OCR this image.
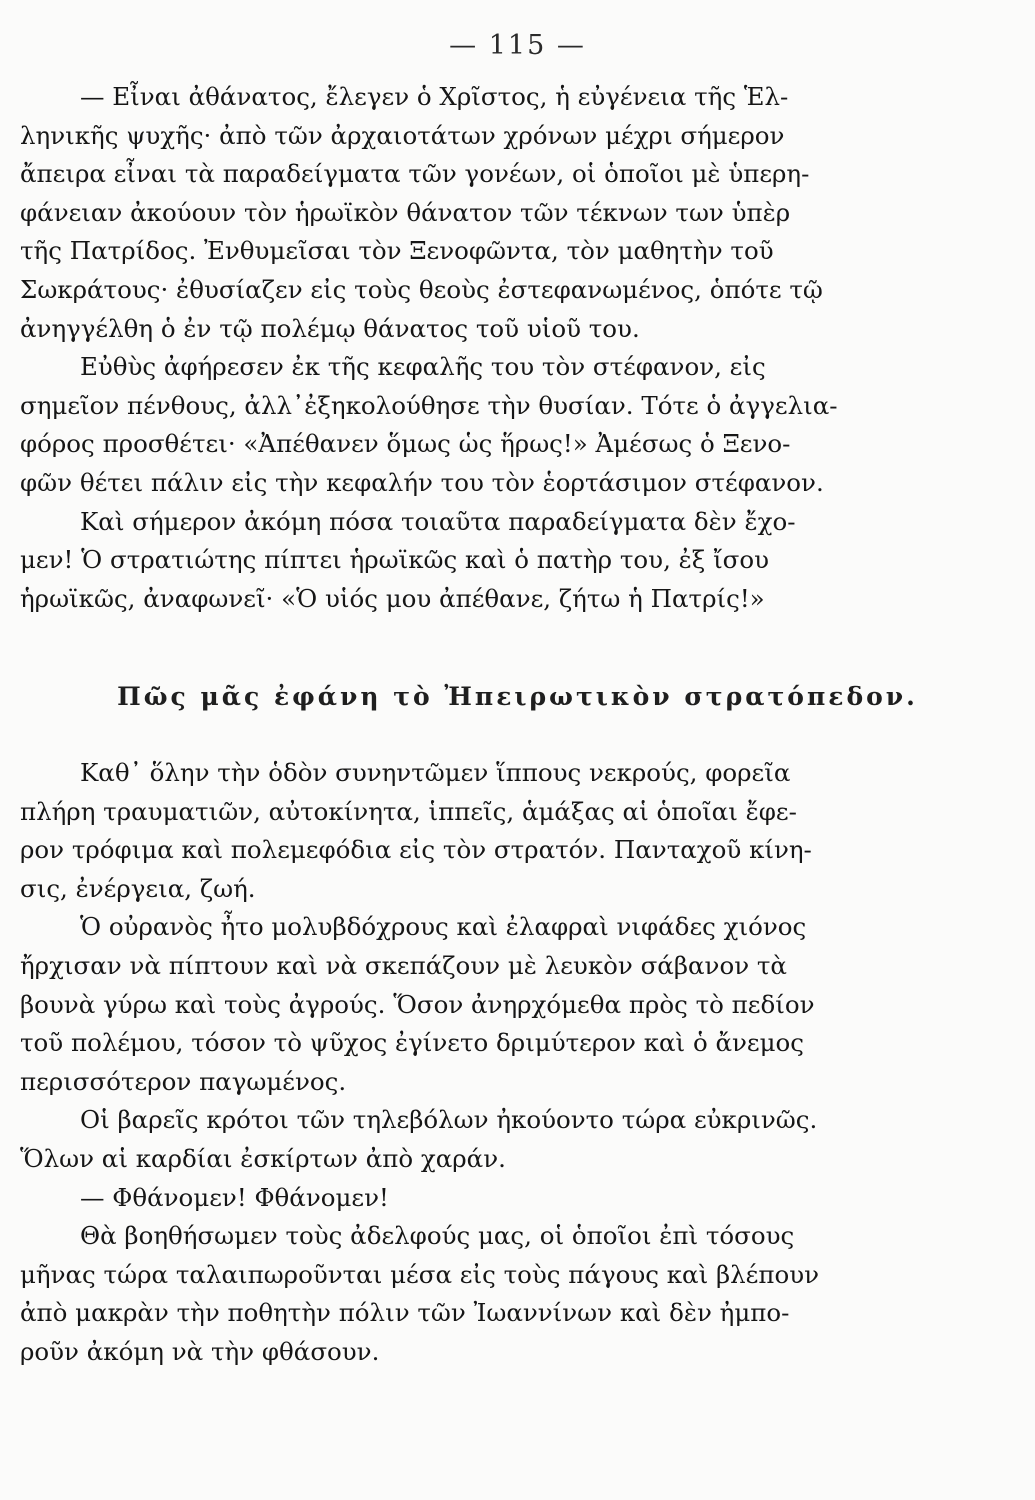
— 115 —

— Εἶναι ἀθάνατος, ἔλεγεν ὁ Χρῖστος, ἡ εὐγένεια τῆς Ἑλ-
ληνικῆς ψυχῆς· ἀπὸ τῶν ἀρχαιοτάτων χρόνων μέχρι σήμερον
ἄπειρα εἶναι τὰ παραδείγματα τῶν γονέων, οἱ ὁποῖοι μὲ ὑπερη-
φάνειαν ἀκούουν τὸν ἡρωϊκὸν θάνατον τῶν τέκνων των ὑπὲρ
τῆς Πατρίδος. Ἐνθυμεῖσαι τὸν Ξενοφῶντα, τὸν μαθητὴν τοῦ
Σωκράτους· ἐθυσίαζεν εἰς τοὺς θεοὺς ἐστεφανωμένος, ὁπότε τῷ
ἀνηγγέλθη ὁ ἐν τῷ πολέμῳ θάνατος τοῦ υἱοῦ του.

Εὐθὺς ἀφήρεσεν ἐκ τῆς κεφαλῆς του τὸν στέφανον, εἰς
σημεῖον πένθους, ἀλλ᾽ἐξηκολούθησε τὴν θυσίαν. Τότε ὁ ἀγγελια-
φόρος προσθέτει· «Ἀπέθανεν ὅμως ὡς ἥρως!» Ἀμέσως ὁ Ξενο-
φῶν θέτει πάλιν εἰς τὴν κεφαλήν του τὸν ἑορτάσιμον στέφανον.

Καὶ σήμερον ἀκόμη πόσα τοιαῦτα παραδείγματα δὲν ἔχο-
μεν! Ὁ στρατιώτης πίπτει ἡρωϊκῶς καὶ ὁ πατὴρ του, ἐξ ἴσου
ἡρωϊκῶς, ἀναφωνεῖ· «Ὁ υἱός μου ἀπέθανε, ζήτω ἡ Πατρίς!»

Πῶς μᾶς ἐφάνη τὸ Ἠπειρωτικὸν στρατόπεδον.

Καθ᾽ ὅλην τὴν ὁδὸν συνηντῶμεν ἵππους νεκρούς, φορεῖα
πλήρη τραυματιῶν, αὐτοκίνητα, ἱππεῖς, ἁμάξας αἱ ὁποῖαι ἔφε-
ρον τρόφιμα καὶ πολεμεφόδια εἰς τὸν στρατόν. Πανταχοῦ κίνη-
σις, ἐνέργεια, ζωή.

Ὁ οὐρανὸς ἦτο μολυβδόχρους καὶ ἐλαφραὶ νιφάδες χιόνος
ἤρχισαν νὰ πίπτουν καὶ νὰ σκεπάζουν μὲ λευκὸν σάβανον τὰ
βουνὰ γύρω καὶ τοὺς ἀγρούς. Ὅσον ἀνηρχόμεθα πρὸς τὸ πεδίον
τοῦ πολέμου, τόσον τὸ ψῦχος ἐγίνετο δριμύτερον καὶ ὁ ἄνεμος
περισσότερον παγωμένος.

Οἱ βαρεῖς κρότοι τῶν τηλεβόλων ἠκούοντο τώρα εὐκρινῶς.
Ὅλων αἱ καρδίαι ἐσκίρτων ἀπὸ χαράν.

— Φθάνομεν! Φθάνομεν!

Θὰ βοηθήσωμεν τοὺς ἀδελφούς μας, οἱ ὁποῖοι ἐπὶ τόσους
μῆνας τώρα ταλαιπωροῦνται μέσα εἰς τοὺς πάγους καὶ βλέπουν
ἀπὸ μακρὰν τὴν ποθητὴν πόλιν τῶν Ἰωαννίνων καὶ δὲν ἠμπο-
ροῦν ἀκόμη νὰ τὴν φθάσουν.
